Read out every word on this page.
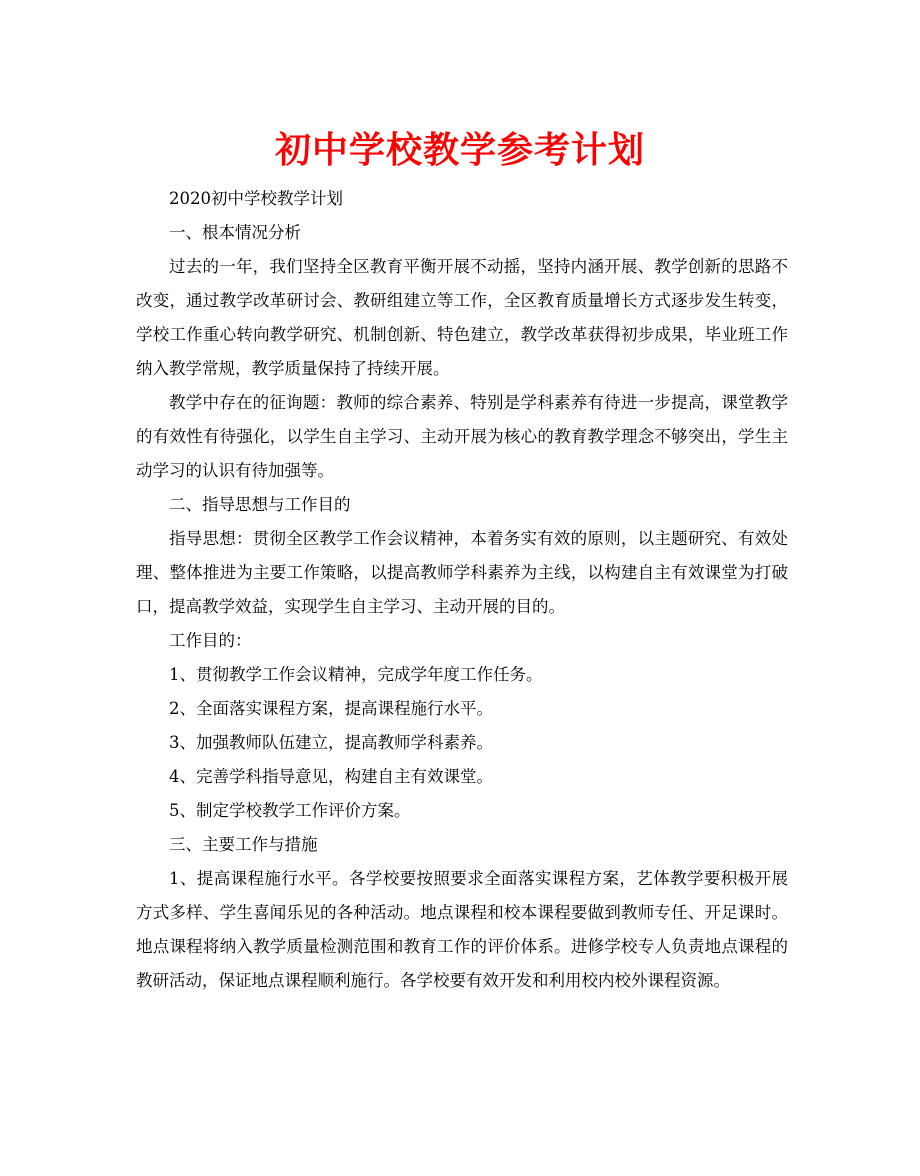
初中学校教学参考计划

2020初中学校教学计划

一、根本情况分析

过去的一年，我们坚持全区教育平衡开展不动摇，坚持内涵开展、教学创新的思路不改变，通过教学改革研讨会、教研组建立等工作，全区教育质量增长方式逐步发生转变，学校工作重心转向教学研究、机制创新、特色建立，教学改革获得初步成果，毕业班工作纳入教学常规，教学质量保持了持续开展。

教学中存在的征询题：教师的综合素养、特别是学科素养有待进一步提高，课堂教学的有效性有待强化，以学生自主学习、主动开展为核心的教育教学理念不够突出，学生主动学习的认识有待加强等。

二、指导思想与工作目的

指导思想：贯彻全区教学工作会议精神，本着务实有效的原则，以主题研究、有效处理、整体推进为主要工作策略，以提高教师学科素养为主线，以构建自主有效课堂为打破口，提高教学效益，实现学生自主学习、主动开展的目的。

工作目的：

1、贯彻教学工作会议精神，完成学年度工作任务。

2、全面落实课程方案，提高课程施行水平。

3、加强教师队伍建立，提高教师学科素养。

4、完善学科指导意见，构建自主有效课堂。

5、制定学校教学工作评价方案。

三、主要工作与措施

1、提高课程施行水平。各学校要按照要求全面落实课程方案，艺体教学要积极开展方式多样、学生喜闻乐见的各种活动。地点课程和校本课程要做到教师专任、开足课时。地点课程将纳入教学质量检测范围和教育工作的评价体系。进修学校专人负责地点课程的教研活动，保证地点课程顺利施行。各学校要有效开发和利用校内校外课程资源。
